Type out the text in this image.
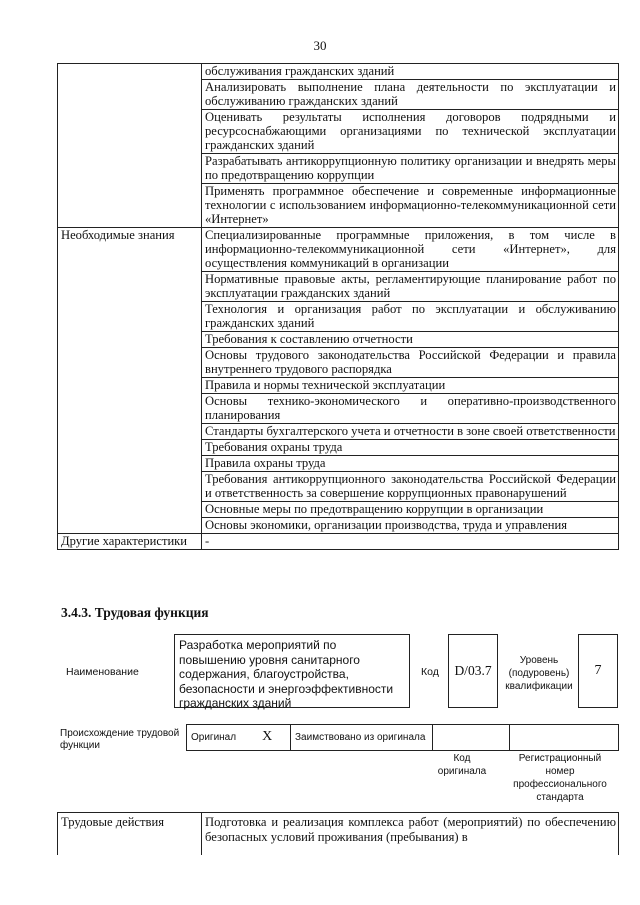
30
	обслуживания гражданских зданий
	Анализировать выполнение плана деятельности по эксплуатации и обслуживанию гражданских зданий
	Оценивать результаты исполнения договоров подрядными и ресурсоснабжающими организациями по технической эксплуатации гражданских зданий
	Разрабатывать антикоррупционную политику организации и внедрять меры по предотвращению коррупции
	Применять программное обеспечение и современные информационные технологии с использованием информационно-телекоммуникационной сети «Интернет»
Необходимые знания	Специализированные программные приложения, в том числе в информационно-телекоммуникационной сети «Интернет», для осуществления коммуникаций в организации
	Нормативные правовые акты, регламентирующие планирование работ по эксплуатации гражданских зданий
	Технология и организация работ по эксплуатации и обслуживанию гражданских зданий
	Требования к составлению отчетности
	Основы трудового законодательства Российской Федерации и правила внутреннего трудового распорядка
	Правила и нормы технической эксплуатации
	Основы технико-экономического и оперативно-производственного планирования
	Стандарты бухгалтерского учета и отчетности в зоне своей ответственности
	Требования охраны труда
	Правила охраны труда
	Требования антикоррупционного законодательства Российской Федерации и ответственность за совершение коррупционных правонарушений
	Основные меры по предотвращению коррупции в организации
	Основы экономики, организации производства, труда и управления
Другие характеристики	-
3.4.3. Трудовая функция
Наименование
Разработка мероприятий по повышению уровня санитарного содержания, благоустройства, безопасности и энергоэффективности гражданских зданий
Код	D/03.7
Уровень (подуровень) квалификации
7
Происхождение трудовой функции
Оригинал X	Заимствовано из оригинала		
Код оригинала
Регистрационный номер профессионального стандарта
Трудовые действия	Подготовка и реализация комплекса работ (мероприятий) по обеспечению безопасных условий проживания (пребывания) в
